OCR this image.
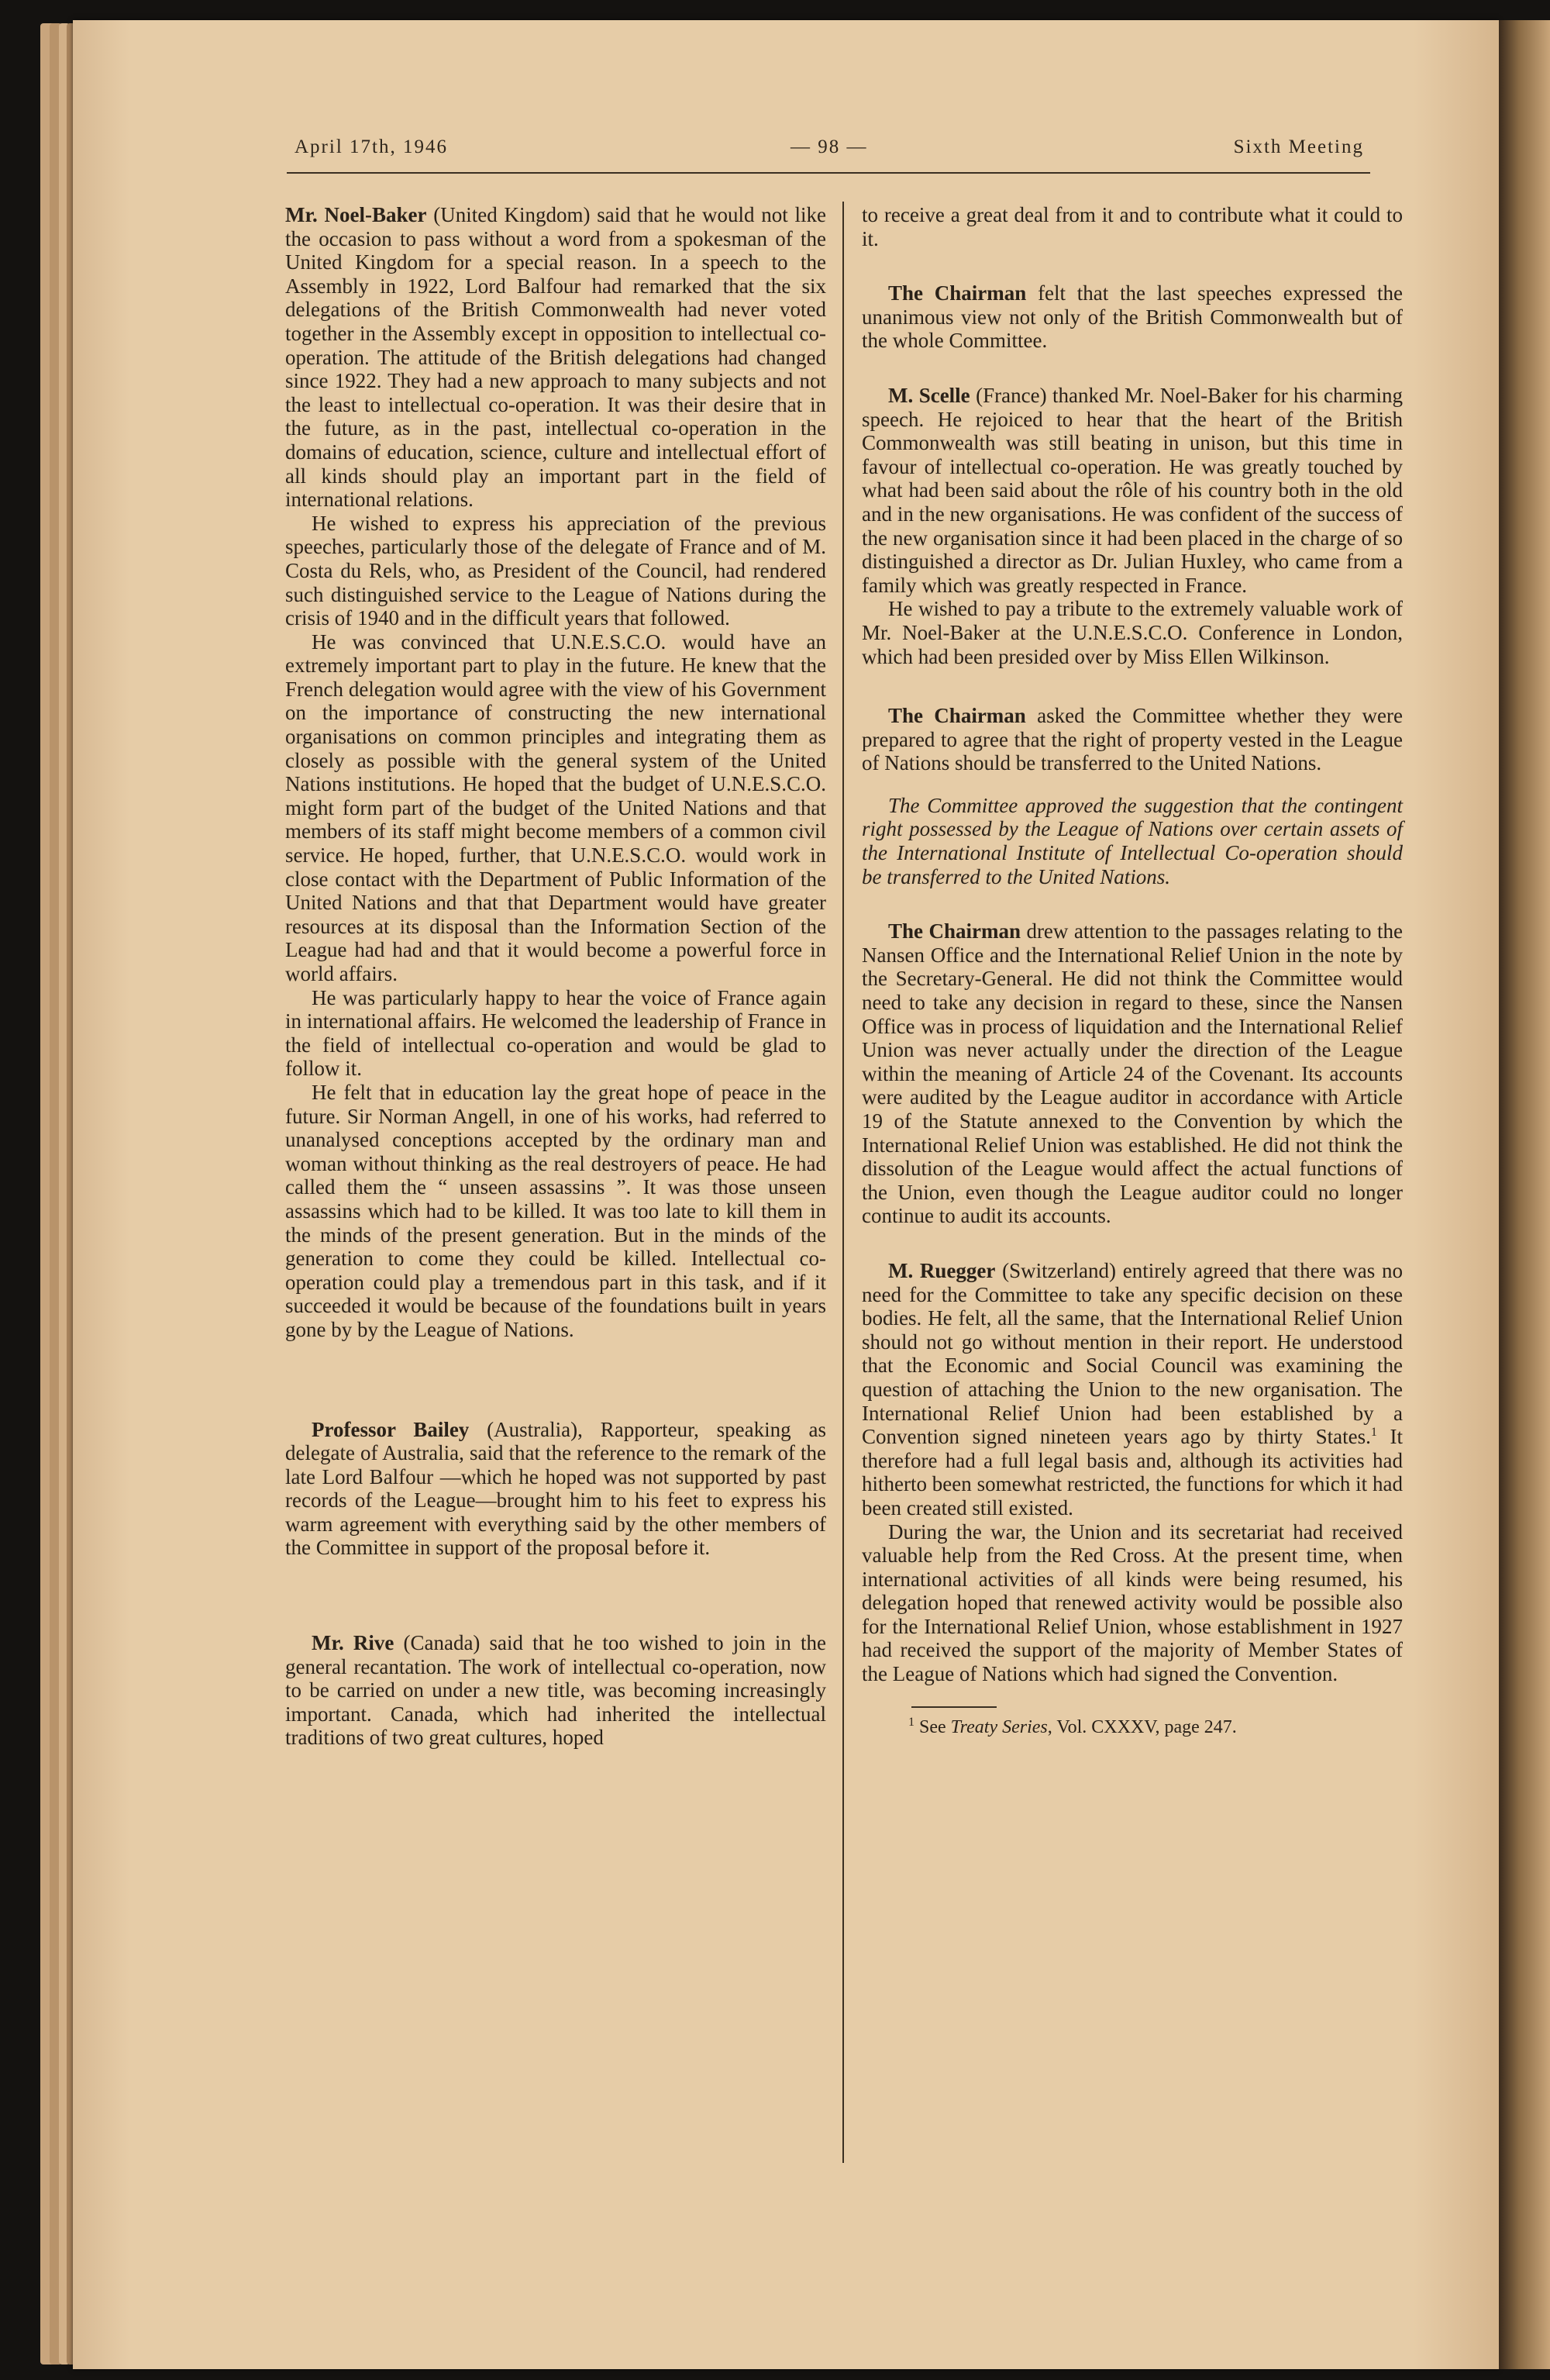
April 17th, 1946	— 98 —	Sixth Meeting

Mr. Noel-Baker (United Kingdom) said that he would not like the occasion to pass without a word from a spokesman of the United Kingdom for a special reason. In a speech to the Assembly in 1922, Lord Balfour had remarked that the six delegations of the British Commonwealth had never voted together in the Assembly except in opposition to intellectual co-operation. The attitude of the British delegations had changed since 1922. They had a new approach to many subjects and not the least to intellectual co-operation. It was their desire that in the future, as in the past, intellectual co-operation in the domains of education, science, culture and intellectual effort of all kinds should play an important part in the field of international relations.

He wished to express his appreciation of the previous speeches, particularly those of the delegate of France and of M. Costa du Rels, who, as President of the Council, had rendered such distinguished service to the League of Nations during the crisis of 1940 and in the difficult years that followed.

He was convinced that U.N.E.S.C.O. would have an extremely important part to play in the future. He knew that the French delegation would agree with the view of his Government on the importance of constructing the new international organisations on common principles and integrating them as closely as possible with the general system of the United Nations institutions. He hoped that the budget of U.N.E.S.C.O. might form part of the budget of the United Nations and that members of its staff might become members of a common civil service. He hoped, further, that U.N.E.S.C.O. would work in close contact with the Department of Public Information of the United Nations and that that Department would have greater resources at its disposal than the Information Section of the League had had and that it would become a powerful force in world affairs.

He was particularly happy to hear the voice of France again in international affairs. He welcomed the leadership of France in the field of intellectual co-operation and would be glad to follow it.

He felt that in education lay the great hope of peace in the future. Sir Norman Angell, in one of his works, had referred to unanalysed conceptions accepted by the ordinary man and woman without thinking as the real destroyers of peace. He had called them the “ unseen assassins ”. It was those unseen assassins which had to be killed. It was too late to kill them in the minds of the present generation. But in the minds of the generation to come they could be killed. Intellectual co-operation could play a tremendous part in this task, and if it succeeded it would be because of the foundations built in years gone by by the League of Nations.

Professor Bailey (Australia), Rapporteur, speaking as delegate of Australia, said that the reference to the remark of the late Lord Balfour —which he hoped was not supported by past records of the League—brought him to his feet to express his warm agreement with everything said by the other members of the Committee in support of the proposal before it.

Mr. Rive (Canada) said that he too wished to join in the general recantation. The work of intellectual co-operation, now to be carried on under a new title, was becoming increasingly important. Canada, which had inherited the intellectual traditions of two great cultures, hoped

to receive a great deal from it and to contribute what it could to it.

The Chairman felt that the last speeches expressed the unanimous view not only of the British Commonwealth but of the whole Committee.

M. Scelle (France) thanked Mr. Noel-Baker for his charming speech. He rejoiced to hear that the heart of the British Commonwealth was still beating in unison, but this time in favour of intellectual co-operation. He was greatly touched by what had been said about the rôle of his country both in the old and in the new organisations. He was confident of the success of the new organisation since it had been placed in the charge of so distinguished a director as Dr. Julian Huxley, who came from a family which was greatly respected in France.

He wished to pay a tribute to the extremely valuable work of Mr. Noel-Baker at the U.N.E.S.C.O. Conference in London, which had been presided over by Miss Ellen Wilkinson.

The Chairman asked the Committee whether they were prepared to agree that the right of property vested in the League of Nations should be transferred to the United Nations.

The Committee approved the suggestion that the contingent right possessed by the League of Nations over certain assets of the International Institute of Intellectual Co-operation should be transferred to the United Nations.

The Chairman drew attention to the passages relating to the Nansen Office and the International Relief Union in the note by the Secretary-General. He did not think the Committee would need to take any decision in regard to these, since the Nansen Office was in process of liquidation and the International Relief Union was never actually under the direction of the League within the meaning of Article 24 of the Covenant. Its accounts were audited by the League auditor in accordance with Article 19 of the Statute annexed to the Convention by which the International Relief Union was established. He did not think the dissolution of the League would affect the actual functions of the Union, even though the League auditor could no longer continue to audit its accounts.

M. Ruegger (Switzerland) entirely agreed that there was no need for the Committee to take any specific decision on these bodies. He felt, all the same, that the International Relief Union should not go without mention in their report. He understood that the Economic and Social Council was examining the question of attaching the Union to the new organisation. The International Relief Union had been established by a Convention signed nineteen years ago by thirty States.$^1$ It therefore had a full legal basis and, although its activities had hitherto been somewhat restricted, the functions for which it had been created still existed.

During the war, the Union and its secretariat had received valuable help from the Red Cross. At the present time, when international activities of all kinds were being resumed, his delegation hoped that renewed activity would be possible also for the International Relief Union, whose establishment in 1927 had received the support of the majority of Member States of the League of Nations which had signed the Convention.

$^1$ See Treaty Series, Vol. CXXXV, page 247.
